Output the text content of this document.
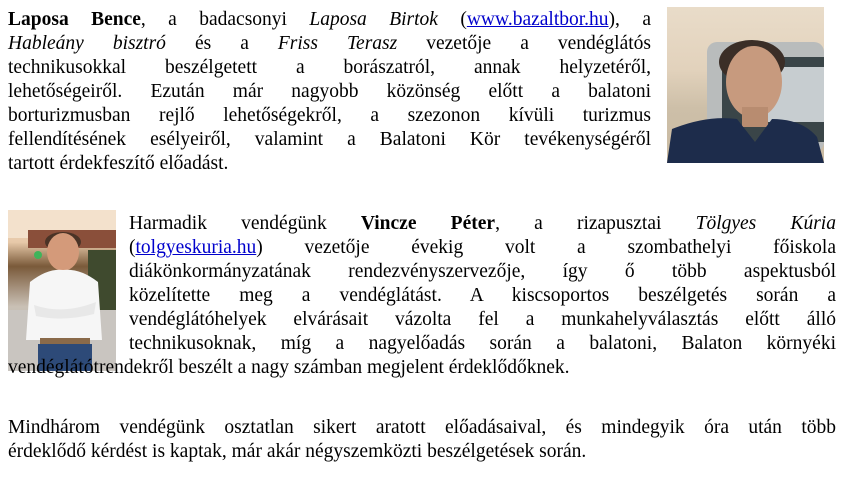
Laposa Bence, a badacsonyi Laposa Birtok (www.bazaltbor.hu), a
Hableány bisztró és a Friss Terasz vezetője a vendéglátós
technikusokkal beszélgetett a borászatról, annak helyzetéről,
lehetőségeiről. Ezután már nagyobb közönség előtt a balatoni
borturizmusban rejlő lehetőségekről, a szezonon kívüli turizmus
fellendítésének esélyeiről, valamint a Balatoni Kör tevékenységéről
tartott érdekfeszítő előadást.
Harmadik vendégünk Vincze Péter, a rizapusztai Tölgyes Kúria
(tolgyeskuria.hu) vezetője évekig volt a szombathelyi főiskola
diákönkormányzatának rendezvényszervezője, így ő több aspektusból
közelítette meg a vendéglátást. A kiscsoportos beszélgetés során a
vendéglátóhelyek elvárásait vázolta fel a munkahelyválasztás előtt álló
technikusoknak, míg a nagyelőadás során a balatoni, Balaton környéki
vendéglátótrendekről beszélt a nagy számban megjelent érdeklődőknek.
Mindhárom vendégünk osztatlan sikert aratott előadásaival, és mindegyik óra után több
érdeklődő kérdést is kaptak, már akár négyszemközti beszélgetések során.
